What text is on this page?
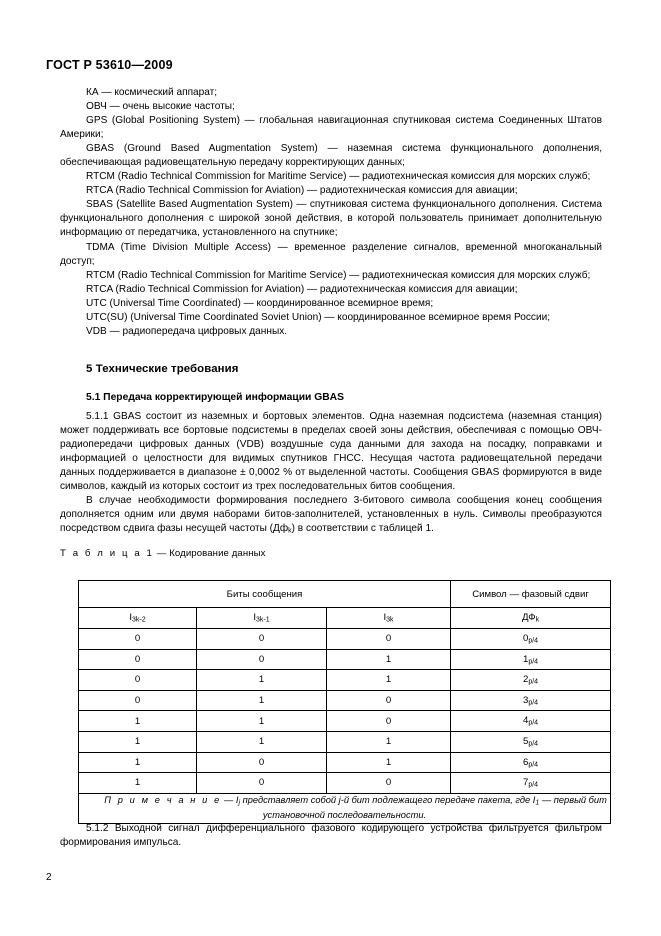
ГОСТ Р 53610—2009

КА — космический аппарат;

ОВЧ — очень высокие частоты;

GPS (Global Positioning System) — глобальная навигационная спутниковая система Соединенных Штатов Америки;

GBAS (Ground Based Augmentation System) — наземная система функционального дополнения, обеспечивающая радиовещательную передачу корректирующих данных;

RTCM (Radio Technical Commission for Maritime Service) — радиотехническая комиссия для морских служб;

RTCA (Radio Technical Commission for Aviation) — радиотехническая комиссия для авиации;

SBAS (Satellite Based Augmentation System) — спутниковая система функционального дополнения. Система функционального дополнения с широкой зоной действия, в которой пользователь принимает дополнительную информацию от передатчика, установленного на спутнике;

TDMA (Time Division Multiple Access) — временное разделение сигналов, временной многоканальный доступ;

RTCM (Radio Technical Commission for Maritime Service) — радиотехническая комиссия для морских служб;

RTCA (Radio Technical Commission for Aviation) — радиотехническая комиссия для авиации;

UTC (Universal Time Coordinated) — координированное всемирное время;

UTC(SU) (Universal Time Coordinated Soviet Union) — координированное всемирное время России;

VDB — радиопередача цифровых данных.

5 Технические требования
5.1 Передача корректирующей информации GBAS

5.1.1 GBAS состоит из наземных и бортовых элементов. Одна наземная подсистема (наземная станция) может поддерживать все бортовые подсистемы в пределах своей зоны действия, обеспечивая с помощью ОВЧ-радиопередачи цифровых данных (VDB) воздушные суда данными для захода на посадку, поправками и информацией о целостности для видимых спутников ГНСС. Несущая частота радиовещательной передачи данных поддерживается в диапазоне ± 0,0002 % от выделенной частоты. Сообщения GBAS формируются в виде символов, каждый из которых состоит из трех последовательных битов сообщения.

В случае необходимости формирования последнего 3-битового символа сообщения конец сообщения дополняется одним или двумя наборами битов-заполнителей, установленных в нуль. Символы преобразуются посредством сдвига фазы несущей частоты $(Дф_k)$ в соответствии с таблицей 1.

Т а б л и ц а 1 — Кодирование данных

Биты сообщения			Символ — фазовый сдвиг
$I_{3k-2}$	$I_{3k-1}$	$I_{3k}$	$ДФ_k$
0	0	0	$0_{p/4}$
0	0	1	$1_{p/4}$
0	1	1	$2_{p/4}$
0	1	0	$3_{p/4}$
1	1	0	$4_{p/4}$
1	1	1	$5_{p/4}$
1	0	1	$6_{p/4}$
1	0	0	$7_{p/4}$

П р и м е ч а н и е — $I_j$ представляет собой j-й бит подлежащего передаче пакета, где $I_1$ — первый бит установочной последовательности.			

5.1.2 Выходной сигнал дифференциального фазового кодирующего устройства фильтруется фильтром формирования импульса.

2
